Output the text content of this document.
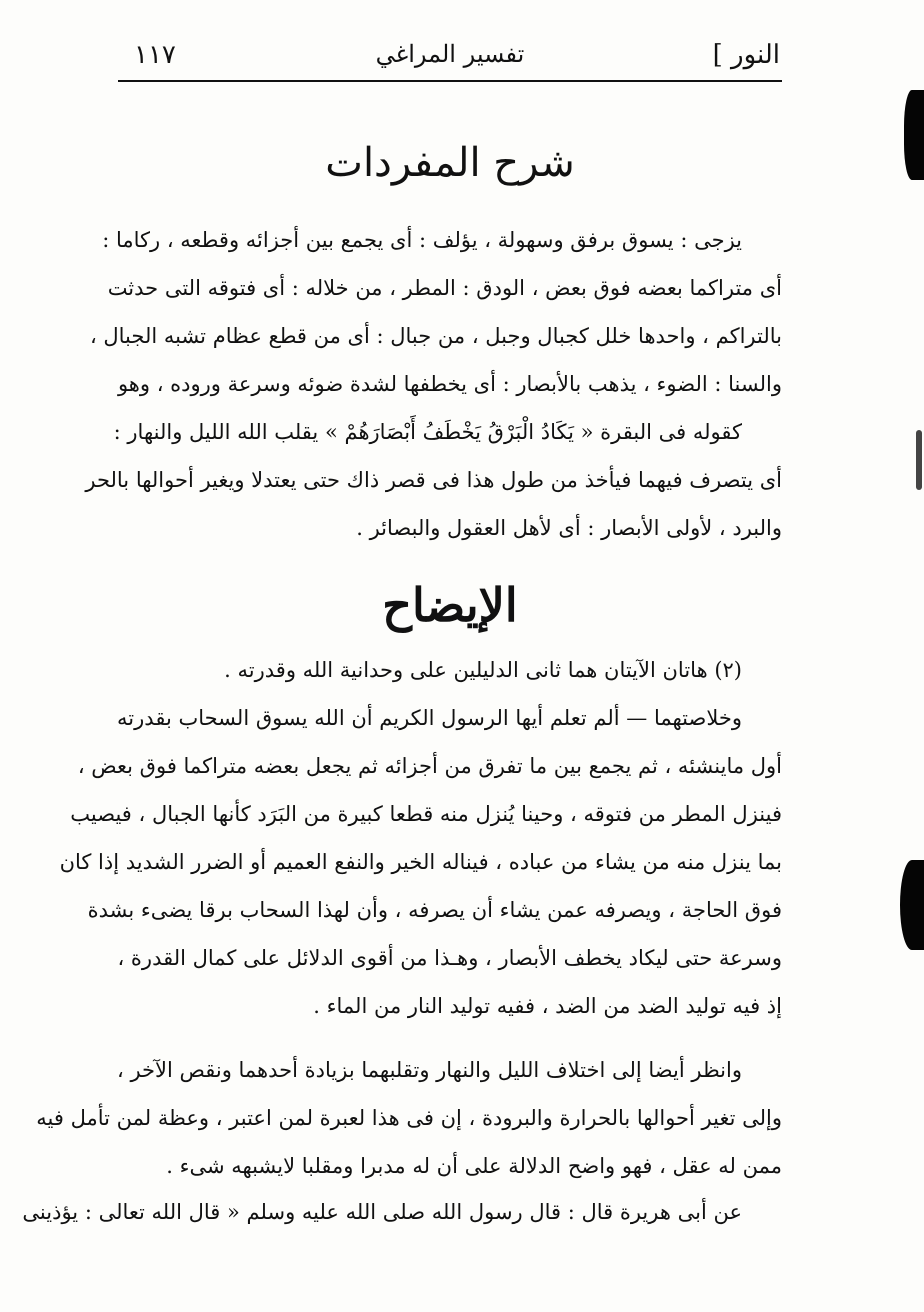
النور ]
تفسير المراغي
١١٧
شرح المفردات
يزجى : يسوق برفق وسهولة ، يؤلف : أى يجمع بين أجزائه وقطعه ، ركاما :
أى متراكما بعضه فوق بعض ، الودق : المطر ، من خلاله : أى فتوقه التى حدثت
بالتراكم ، واحدها خلل كجبال وجبل ، من جبال : أى من قطع عظام تشبه الجبال ،
والسنا : الضوء ، يذهب بالأبصار : أى يخطفها لشدة ضوئه وسرعة وروده ، وهو
كقوله فى البقرة « يَكَادُ الْبَرْقُ يَخْطَفُ أَبْصَارَهُمْ » يقلب الله الليل والنهار :
أى يتصرف فيهما فيأخذ من طول هذا فى قصر ذاك حتى يعتدلا ويغير أحوالها بالحر
والبرد ، لأولى الأبصار : أى لأهل العقول والبصائر .
الإيضاح
(٢) هاتان الآيتان هما ثانى الدليلين على وحدانية الله وقدرته .
وخلاصتهما — ألم تعلم أيها الرسول الكريم أن الله يسوق السحاب بقدرته
أول ماينشئه ، ثم يجمع بين ما تفرق من أجزائه ثم يجعل بعضه متراكما فوق بعض ،
فينزل المطر من فتوقه ، وحينا يُنزل منه قطعا كبيرة من البَرَد كأنها الجبال ، فيصيب
بما ينزل منه من يشاء من عباده ، فيناله الخير والنفع العميم أو الضرر الشديد إذا كان
فوق الحاجة ، ويصرفه عمن يشاء أن يصرفه ، وأن لهذا السحاب برقا يضىء بشدة
وسرعة حتى ليكاد يخطف الأبصار ، وهـذا من أقوى الدلائل على كمال القدرة ،
إذ فيه توليد الضد من الضد ، ففيه توليد النار من الماء .
وانظر أيضا إلى اختلاف الليل والنهار وتقلبهما بزيادة أحدهما ونقص الآخر ،
وإلى تغير أحوالها بالحرارة والبرودة ، إن فى هذا لعبرة لمن اعتبر ، وعظة لمن تأمل فيه
ممن له عقل ، فهو واضح الدلالة على أن له مدبرا ومقلبا لايشبهه شىء .
عن أبى هريرة قال : قال رسول الله صلى الله عليه وسلم « قال الله تعالى : يؤذينى
